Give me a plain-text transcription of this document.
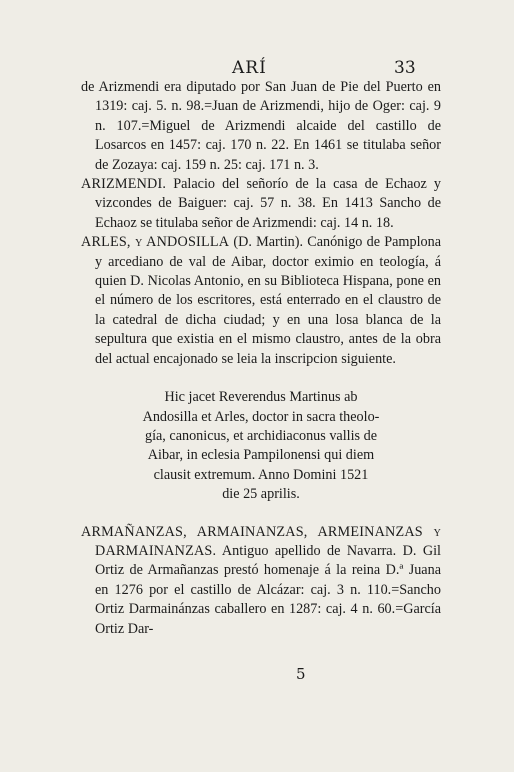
ARÍ	33

de Arizmendi era diputado por San Juan de Pie del Puerto en 1319: caj. 5. n. 98.=Juan de Arizmendi, hijo de Oger: caj. 9 n. 107.=Miguel de Arizmendi alcaide del castillo de Losarcos en 1457: caj. 170 n. 22. En 1461 se titulaba señor de Zozaya: caj. 159 n. 25: caj. 171 n. 3.

ARIZMENDI. Palacio del señorío de la casa de Echaoz y vizcondes de Baiguer: caj. 57 n. 38. En 1413 Sancho de Echaoz se titulaba señor de Arizmendi: caj. 14 n. 18.

ARLES, y ANDOSILLA (D. Martin). Canónigo de Pamplona y arcediano de val de Aibar, doctor eximio en teología, á quien D. Nicolas Antonio, en su Biblioteca Hispana, pone en el número de los escritores, está enterrado en el claustro de la catedral de dicha ciudad; y en una losa blanca de la sepultura que existia en el mismo claustro, antes de la obra del actual encajonado se leia la inscripcion siguiente.

Hic jacet Reverendus Martinus ab
Andosilla et Arles, doctor in sacra theolo-
gía, canonicus, et archidiaconus vallis de
Aibar, in eclesia Pampilonensi qui diem
clausit extremum. Anno Domini 1521
die 25 aprilis.

ARMAÑANZAS, ARMAINANZAS, ARMEINANZAS y DARMAINANZAS. Antiguo apellido de Navarra. D. Gil Ortiz de Armañanzas prestó homenaje á la reina D.ª Juana en 1276 por el castillo de Alcázar: caj. 3 n. 110.=Sancho Ortiz Darmainánzas caballero en 1287: caj. 4 n. 60.=García Ortiz Dar-

5
